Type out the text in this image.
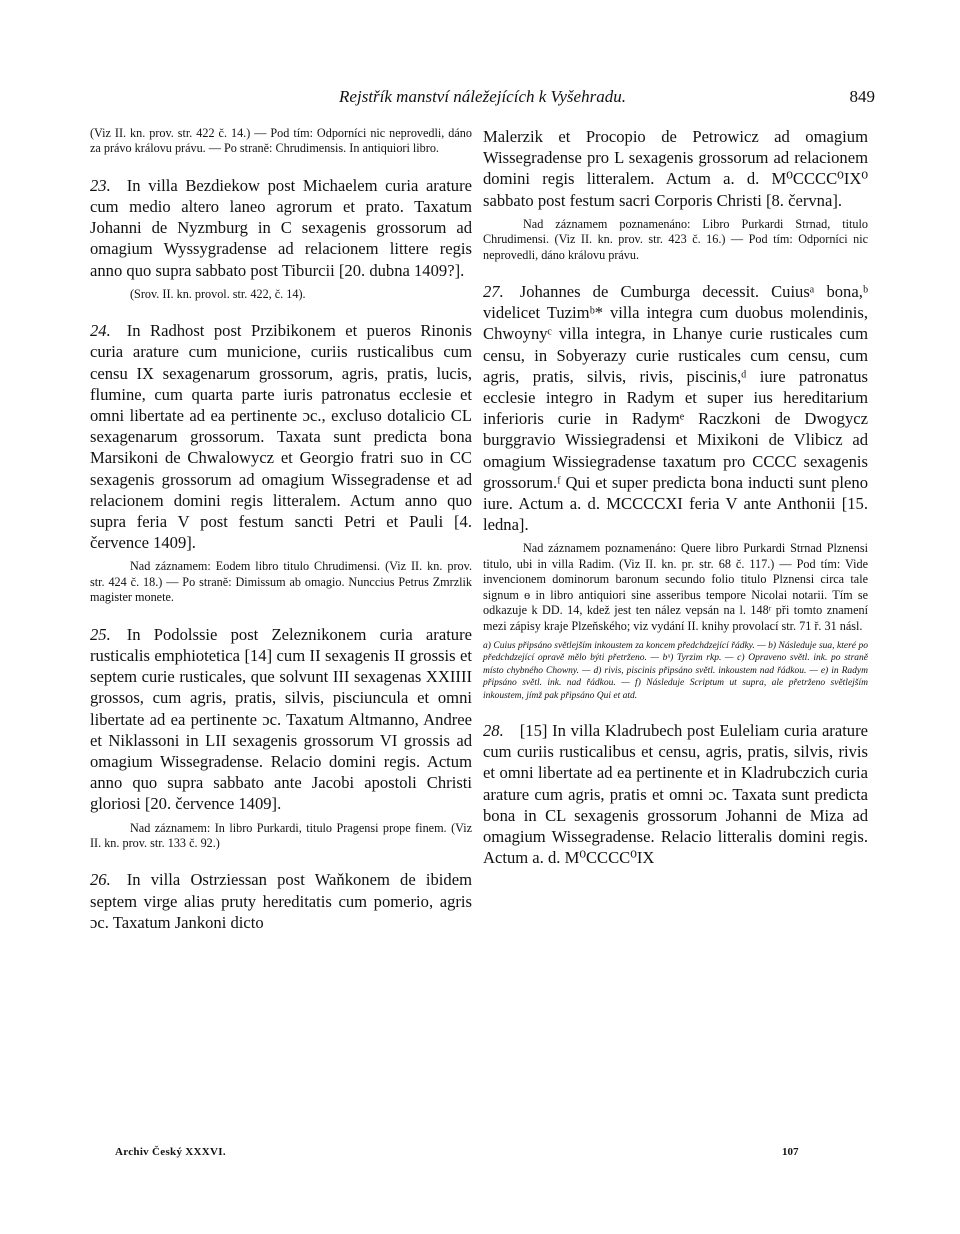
Rejstřík manství náležejících k Vyšehradu.	849

(Viz II. kn. prov. str. 422 č. 14.) — Pod tím: Odporníci nic neprovedli, dáno za právo královu právu. — Po straně: Chrudimensis. In antiquiori libro.

23. In villa Bezdiekow post Michaelem curia arature cum medio altero laneo agrorum et prato. Taxatum Johanni de Nyzmburg in C sexagenis grossorum ad omagium Wyssygradense ad relacionem littere regis anno quo supra sabbato post Tiburcii [20. dubna 1409?].

(Srov. II. kn. provol. str. 422, č. 14).

24. In Radhost post Przibikonem et pueros Rinonis curia arature cum municione, curiis rusticalibus cum censu IX sexagenarum grossorum, agris, pratis, lucis, flumine, cum quarta parte iuris patronatus ecclesie et omni libertate ad ea pertinente ɔc., excluso dotalicio CL sexagenarum grossorum. Taxata sunt predicta bona Marsikoni de Chwalowycz et Georgio fratri suo in CC sexagenis grossorum ad omagium Wissegradense et ad relacionem domini regis litteralem. Actum anno quo supra feria V post festum sancti Petri et Pauli [4. července 1409].

Nad záznamem: Eodem libro titulo Chrudimensi. (Viz II. kn. prov. str. 424 č. 18.) — Po straně: Dimissum ab omagio. Nunccius Petrus Zmrzlik magister monete.

25. In Podolssie post Zeleznikonem curia arature rusticalis emphiotetica [14] cum II sexagenis II grossis et septem curie rusticales, que solvunt III sexagenas XXIIII grossos, cum agris, pratis, silvis, pisciuncula et omni libertate ad ea pertinente ɔc. Taxatum Altmanno, Andree et Niklassoni in LII sexagenis grossorum VI grossis ad omagium Wissegradense. Relacio domini regis. Actum anno quo supra sabbato ante Jacobi apostoli Christi gloriosi [20. července 1409].

Nad záznamem: In libro Purkardi, titulo Pragensi prope finem. (Viz II. kn. prov. str. 133 č. 92.)

26. In villa Ostrziessan post Waňkonem de ibidem septem virge alias pruty hereditatis cum pomerio, agris ɔc. Taxatum Jankoni dicto

Malerzik et Procopio de Petrowicz ad omagium Wissegradense pro L sexagenis grossorum ad relacionem domini regis litteralem. Actum a. d. M⁰CCCC⁰IX⁰ sabbato post festum sacri Corporis Christi [8. června].

Nad záznamem poznamenáno: Libro Purkardi Strnad, titulo Chrudimensi. (Viz II. kn. prov. str. 423 č. 16.) — Pod tím: Odporníci nic neprovedli, dáno královu právu.

27. Johannes de Cumburga decessit. Cuiusᵃ bona,ᵇ videlicet Tuzimᵇ* villa integra cum duobus molendinis, Chwoynyᶜ villa integra, in Lhanye curie rusticales cum censu, in Sobyerazy curie rusticales cum censu, cum agris, pratis, silvis, rivis, piscinis,ᵈ iure patronatus ecclesie integro in Radym et super ius hereditarium inferioris curie in Radymᵉ Raczkoni de Dwogycz burggravio Wissiegradensi et Mixikoni de Vlibicz ad omagium Wissiegradense taxatum pro CCCC sexagenis grossorum.ᶠ Qui et super predicta bona inducti sunt pleno iure. Actum a. d. MCCCCXI feria V ante Anthonii [15. ledna].

Nad záznamem poznamenáno: Quere libro Purkardi Strnad Plznensi titulo, ubi in villa Radim. (Viz II. kn. pr. str. 68 č. 117.) — Pod tím: Vide invencionem dominorum baronum secundo folio titulo Plznensi circa tale signum ɵ in libro antiquiori sine asseribus tempore Nicolai notarii. Tím se odkazuje k DD. 14, kdež jest ten nález vepsán na l. 148ʳ při tomto znamení mezi zápisy kraje Plzeňského; viz vydání II. knihy provolací str. 71 ř. 31 násl.

a) Cuius připsáno světlejším inkoustem za koncem předchdzející řádky. — b) Následuje sua, které po předchdzející opravě mělo býti přetrženo. — bˣ) Tyrzim rkp. — c) Opraveno světl. ink. po straně místo chybného Chowny. — d) rivis, piscinis připsáno světl. inkoustem nad řádkou. — e) in Radym připsáno světl. ink. nad řádkou. — f) Následuje Scriptum ut supra, ale přetrženo světlejším inkoustem, jímž pak připsáno Qui et atd.

28. [15] In villa Kladrubech post Euleliam curia arature cum curiis rusticalibus et censu, agris, pratis, silvis, rivis et omni libertate ad ea pertinente et in Kladrubczich curia arature cum agris, pratis et omni ɔc. Taxata sunt predicta bona in CL sexagenis grossorum Johanni de Miza ad omagium Wissegradense. Relacio litteralis domini regis. Actum a. d. M⁰CCCC⁰IX

Archiv Český XXXVI.	107
